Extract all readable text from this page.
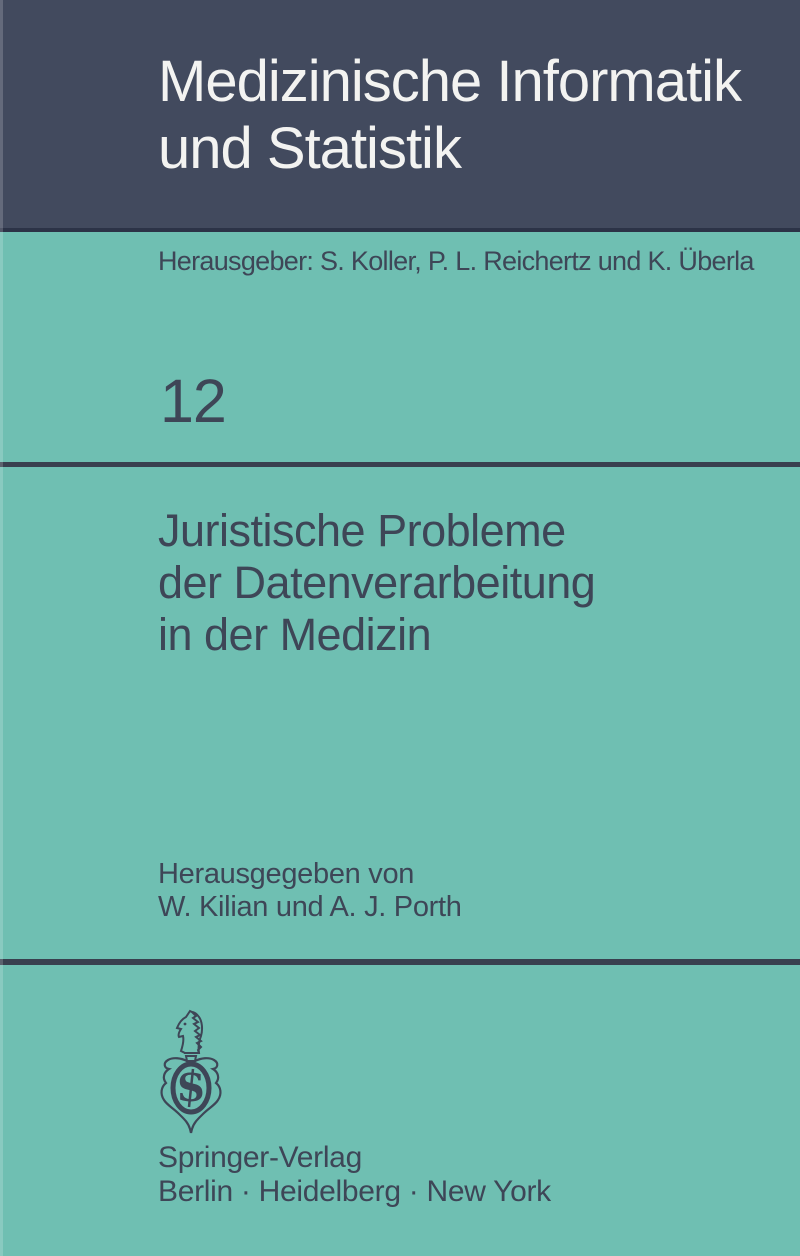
Medizinische Informatik
und Statistik
Herausgeber: S. Koller, P. L. Reichertz und K. Überla
12
Juristische Probleme
der Datenverarbeitung
in der Medizin
Herausgegeben von
W. Kilian und A. J. Porth
S
Springer-Verlag
Berlin · Heidelberg · New York
